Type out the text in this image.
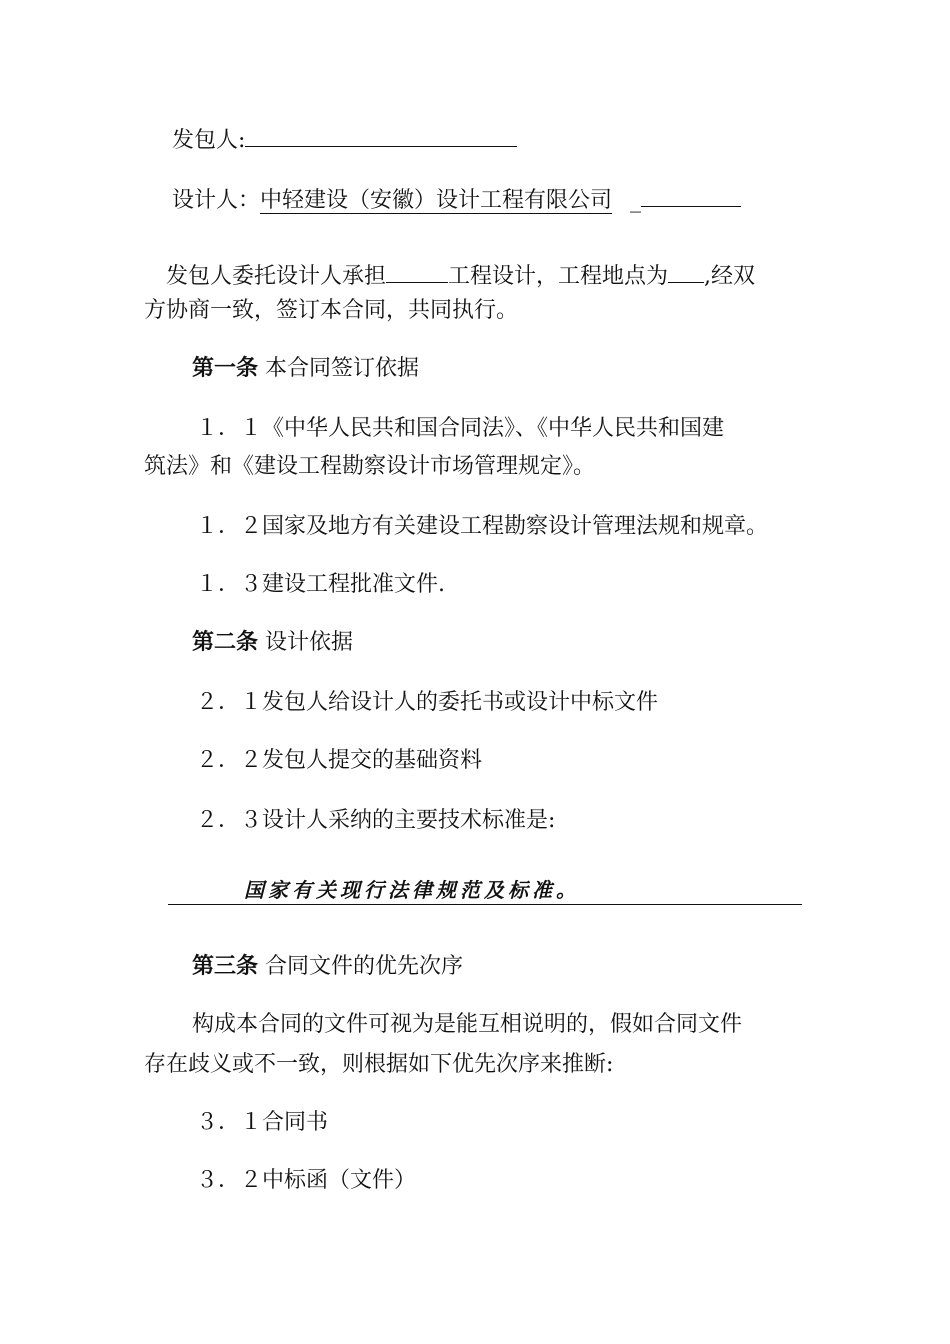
发包人:
设计人：中轻建设（安徽）设计工程有限公司 _
发包人委托设计人承担	工程设计，工程地点为 ,经双
方协商一致，签订本合同，共同执行。
第一条 本合同签订依据
１．１《中华人民共和国合同法》、《中华人民共和国建
筑法》和《建设工程勘察设计市场管理规定》。
１．２国家及地方有关建设工程勘察设计管理法规和规章。
１．３建设工程批准文件.
第二条 设计依据
２．１发包人给设计人的委托书或设计中标文件
２．２发包人提交的基础资料
２．３设计人采纳的主要技术标准是:
国家有关现行法律规范及标准。
第三条 合同文件的优先次序
构成本合同的文件可视为是能互相说明的，假如合同文件
存在歧义或不一致，则根据如下优先次序来推断:
３．１合同书
３．２中标函（文件）
